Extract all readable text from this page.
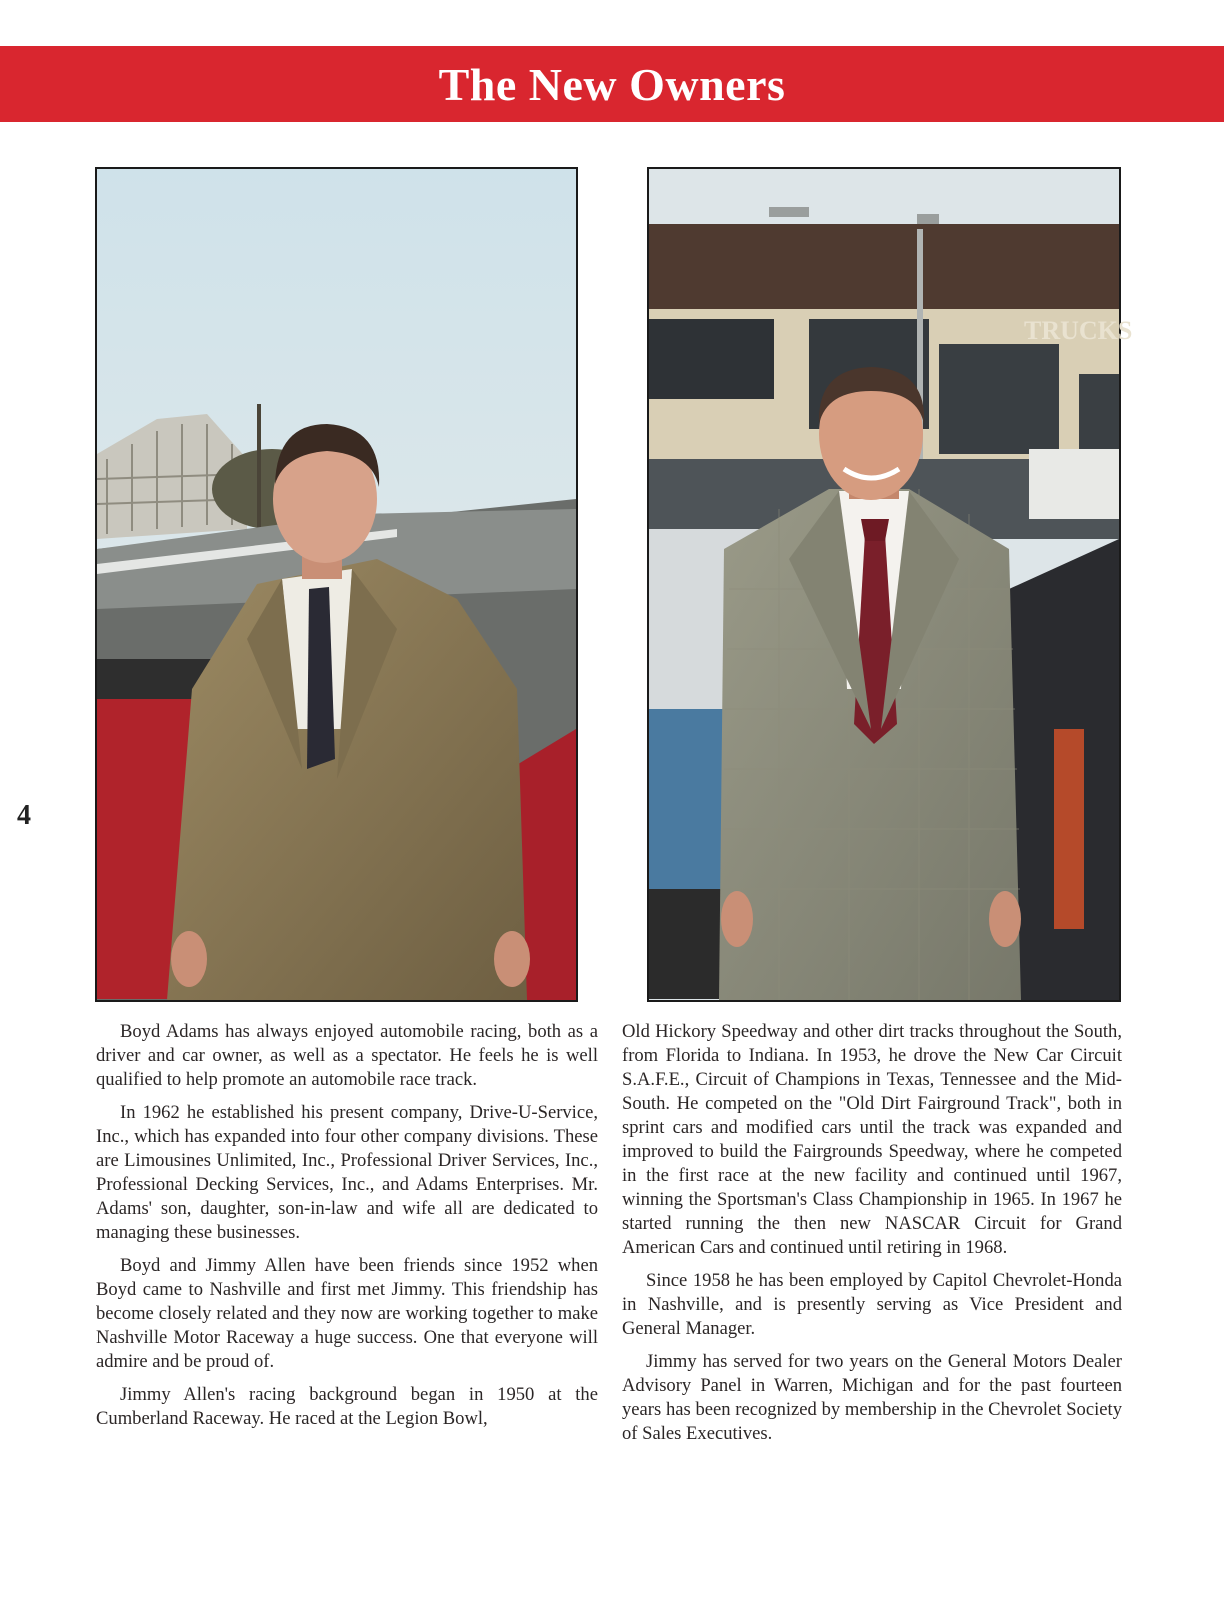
The New Owners
4
TRUCKS

Boyd Adams has always enjoyed automobile racing, both as a driver and car owner, as well as a spectator. He feels he is well qualified to help promote an automobile race track.

In 1962 he established his present company, Drive-U-Service, Inc., which has expanded into four other company divisions. These are Limousines Unlimited, Inc., Professional Driver Services, Inc., Professional Decking Services, Inc., and Adams Enterprises. Mr. Adams' son, daughter, son-in-law and wife all are dedicated to managing these businesses.

Boyd and Jimmy Allen have been friends since 1952 when Boyd came to Nashville and first met Jimmy. This friendship has become closely related and they now are working together to make Nashville Motor Raceway a huge success. One that everyone will admire and be proud of.

Jimmy Allen's racing background began in 1950 at the Cumberland Raceway. He raced at the Legion Bowl,

Old Hickory Speedway and other dirt tracks throughout the South, from Florida to Indiana. In 1953, he drove the New Car Circuit S.A.F.E., Circuit of Champions in Texas, Tennessee and the Mid-South. He competed on the "Old Dirt Fairground Track", both in sprint cars and modified cars until the track was expanded and improved to build the Fairgrounds Speedway, where he competed in the first race at the new facility and continued until 1967, winning the Sportsman's Class Championship in 1965. In 1967 he started running the then new NASCAR Circuit for Grand American Cars and continued until retiring in 1968.

Since 1958 he has been employed by Capitol Chevrolet-Honda in Nashville, and is presently serving as Vice President and General Manager.

Jimmy has served for two years on the General Motors Dealer Advisory Panel in Warren, Michigan and for the past fourteen years has been recognized by membership in the Chevrolet Society of Sales Executives.
